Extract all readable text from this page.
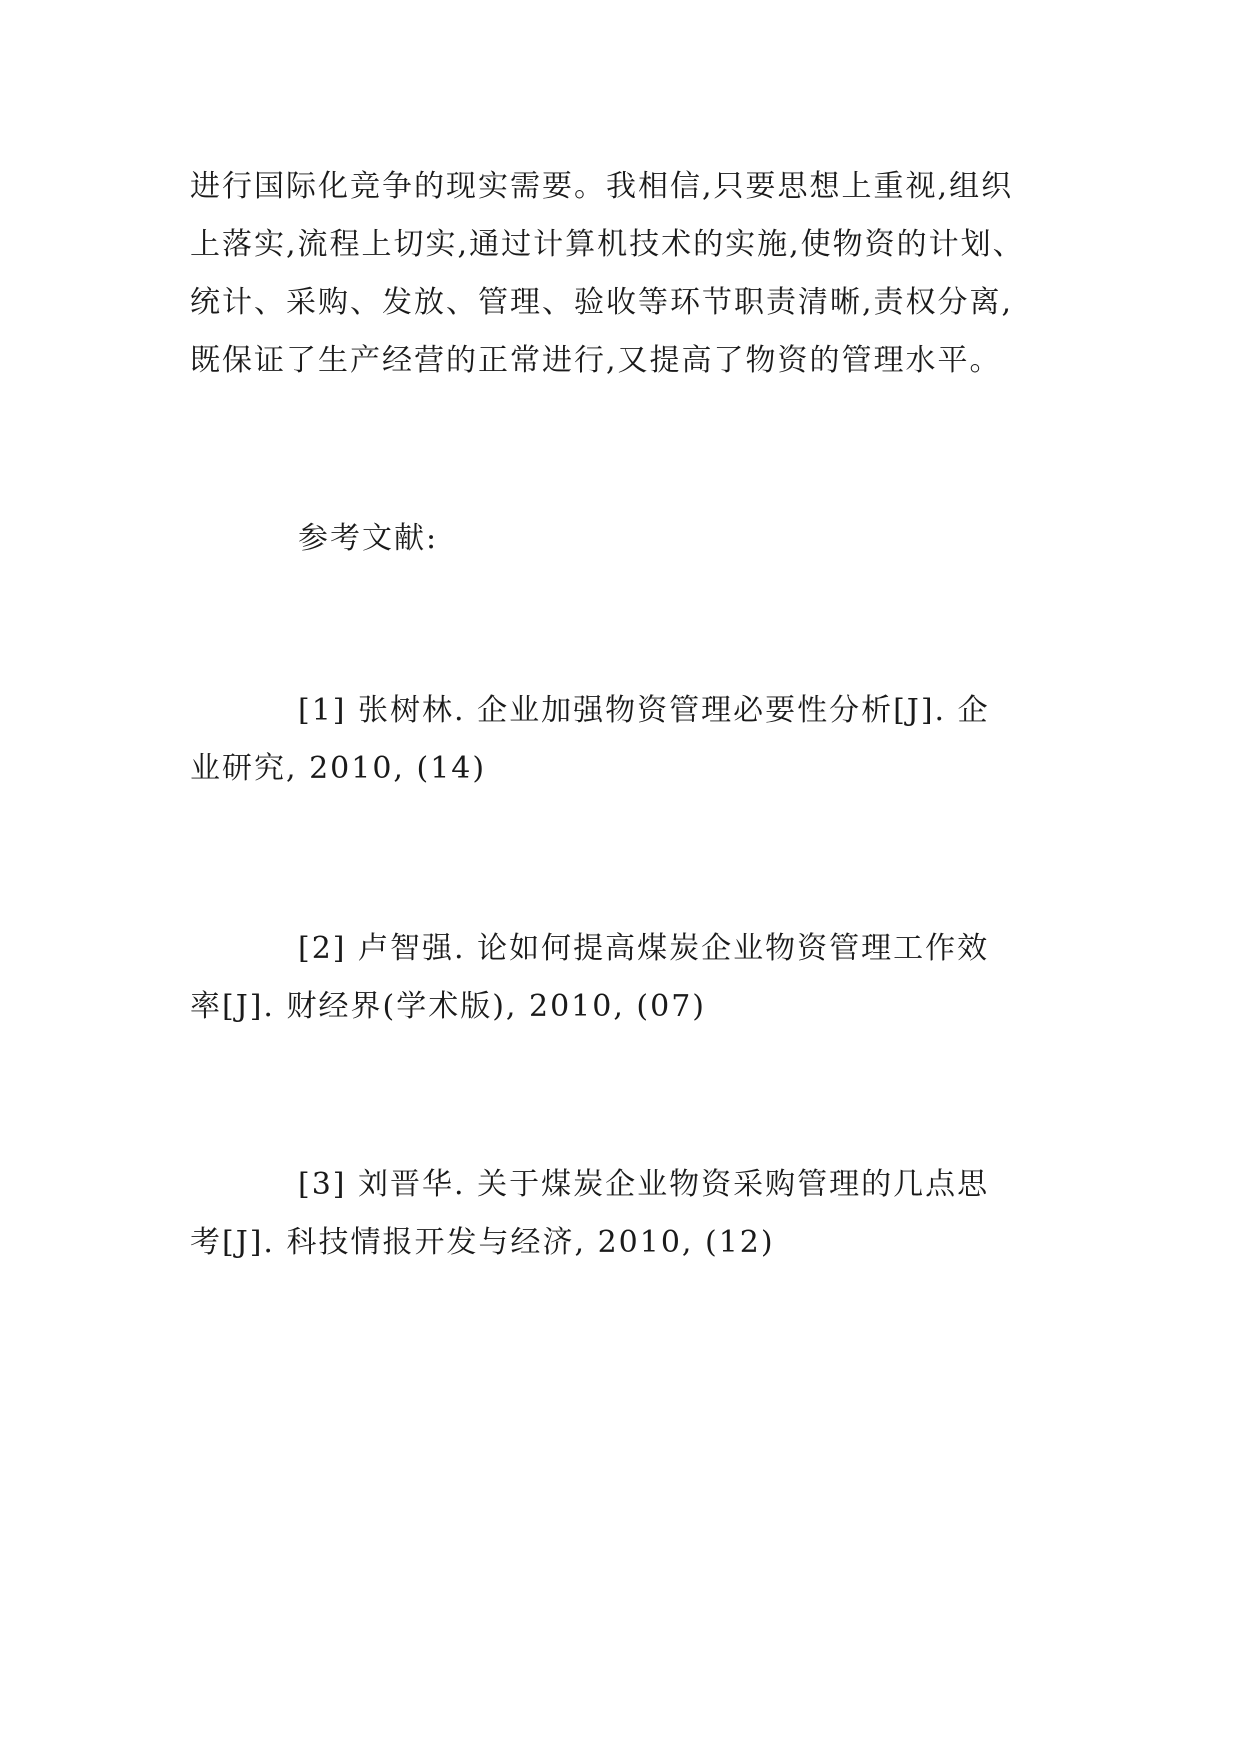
进行国际化竞争的现实需要。我相信,只要思想上重视,组织
上落实,流程上切实,通过计算机技术的实施,使物资的计划、
统计、采购、发放、管理、验收等环节职责清晰,责权分离,
既保证了生产经营的正常进行,又提高了物资的管理水平。
参考文献:
[1] 张树林. 企业加强物资管理必要性分析[J]. 企
业研究, 2010, (14)
[2] 卢智强. 论如何提高煤炭企业物资管理工作效
率[J]. 财经界(学术版), 2010, (07)
[3] 刘晋华. 关于煤炭企业物资采购管理的几点思
考[J]. 科技情报开发与经济, 2010, (12)
